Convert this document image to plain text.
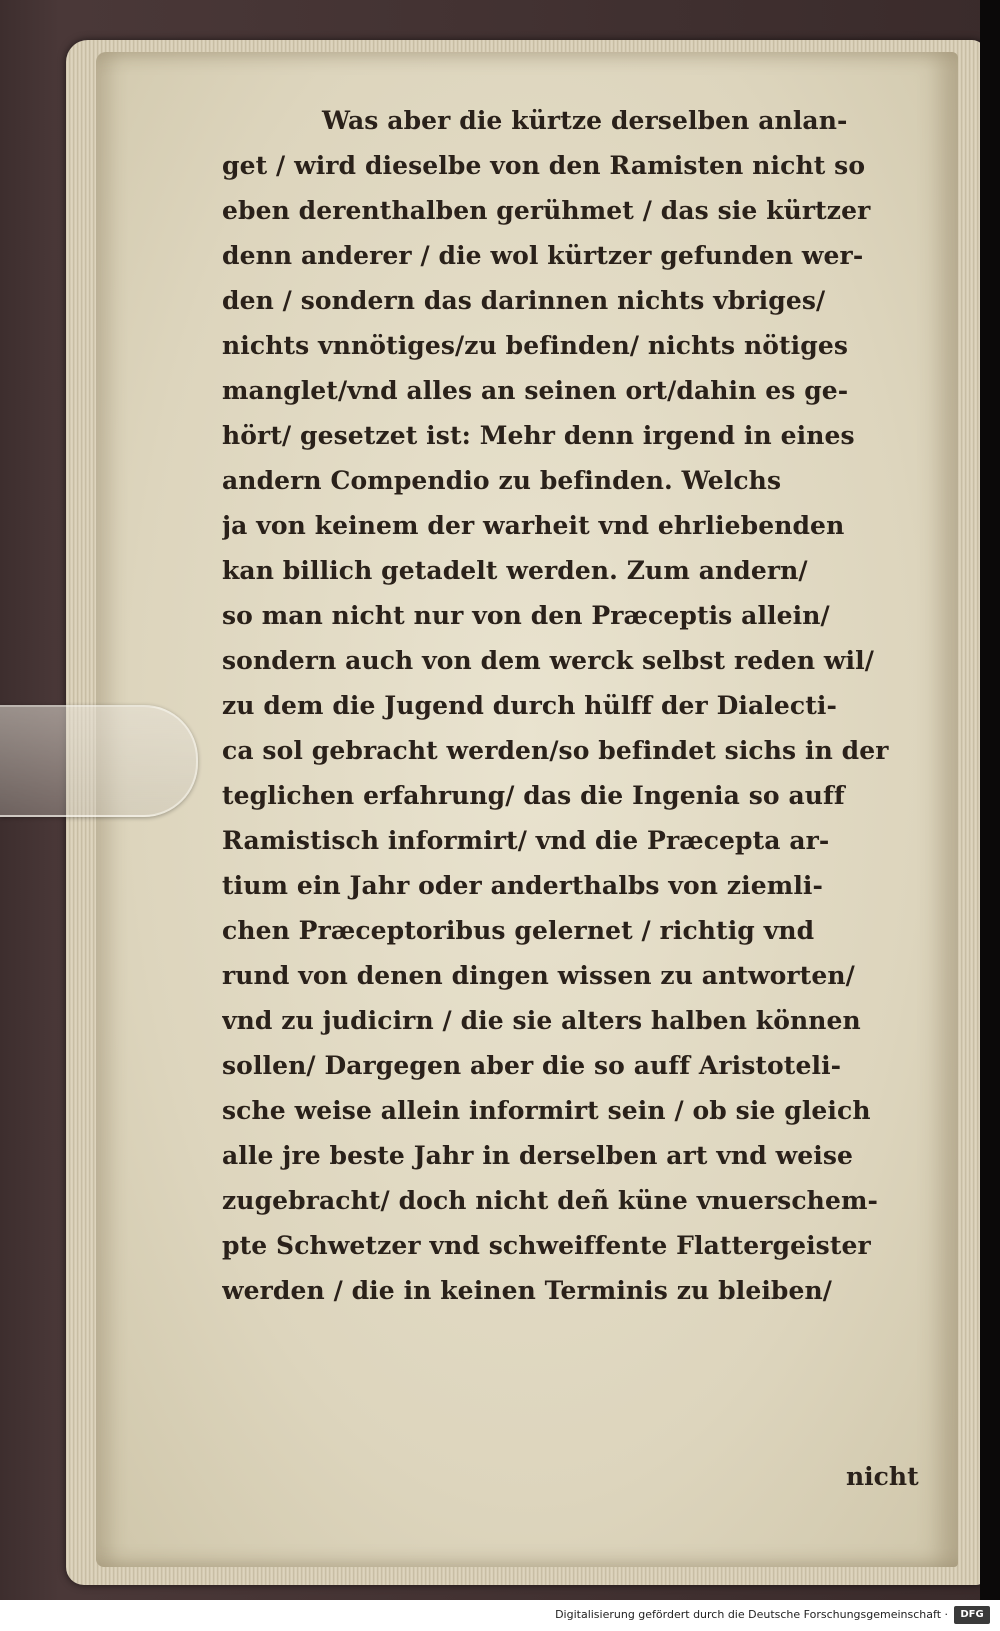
Was aber die kürtze derselben anlan-
get / wird dieselbe von den Ramisten nicht so
eben derenthalben gerühmet / das sie kürtzer
denn anderer / die wol kürtzer gefunden wer-
den / sondern das darinnen nichts vbriges/
nichts vnnötiges/zu befinden/ nichts nötiges
manglet/vnd alles an seinen ort/dahin es ge-
hört/ gesetzet ist: Mehr denn irgend in eines
andern Compendio zu befinden. Welchs
ja von keinem der warheit vnd ehrliebenden
kan billich getadelt werden. Zum andern/
so man nicht nur von den Præceptis allein/
sondern auch von dem werck selbst reden wil/
zu dem die Jugend durch hülff der Dialecti-
ca sol gebracht werden/so befindet sichs in der
teglichen erfahrung/ das die Ingenia so auff
Ramistisch informirt/ vnd die Præcepta ar-
tium ein Jahr oder anderthalbs von ziemli-
chen Præceptoribus gelernet / richtig vnd
rund von denen dingen wissen zu antworten/
vnd zu judicirn / die sie alters halben können
sollen/ Dargegen aber die so auff Aristoteli-
sche weise allein informirt sein / ob sie gleich
alle jre beste Jahr in derselben art vnd weise
zugebracht/ doch nicht deñ küne vnuerschem-
pte Schwetzer vnd schweiffente Flattergeister
werden / die in keinen Terminis zu bleiben/
nicht
Digitalisierung gefördert durch die Deutsche Forschungsgemeinschaft ·	DFG
